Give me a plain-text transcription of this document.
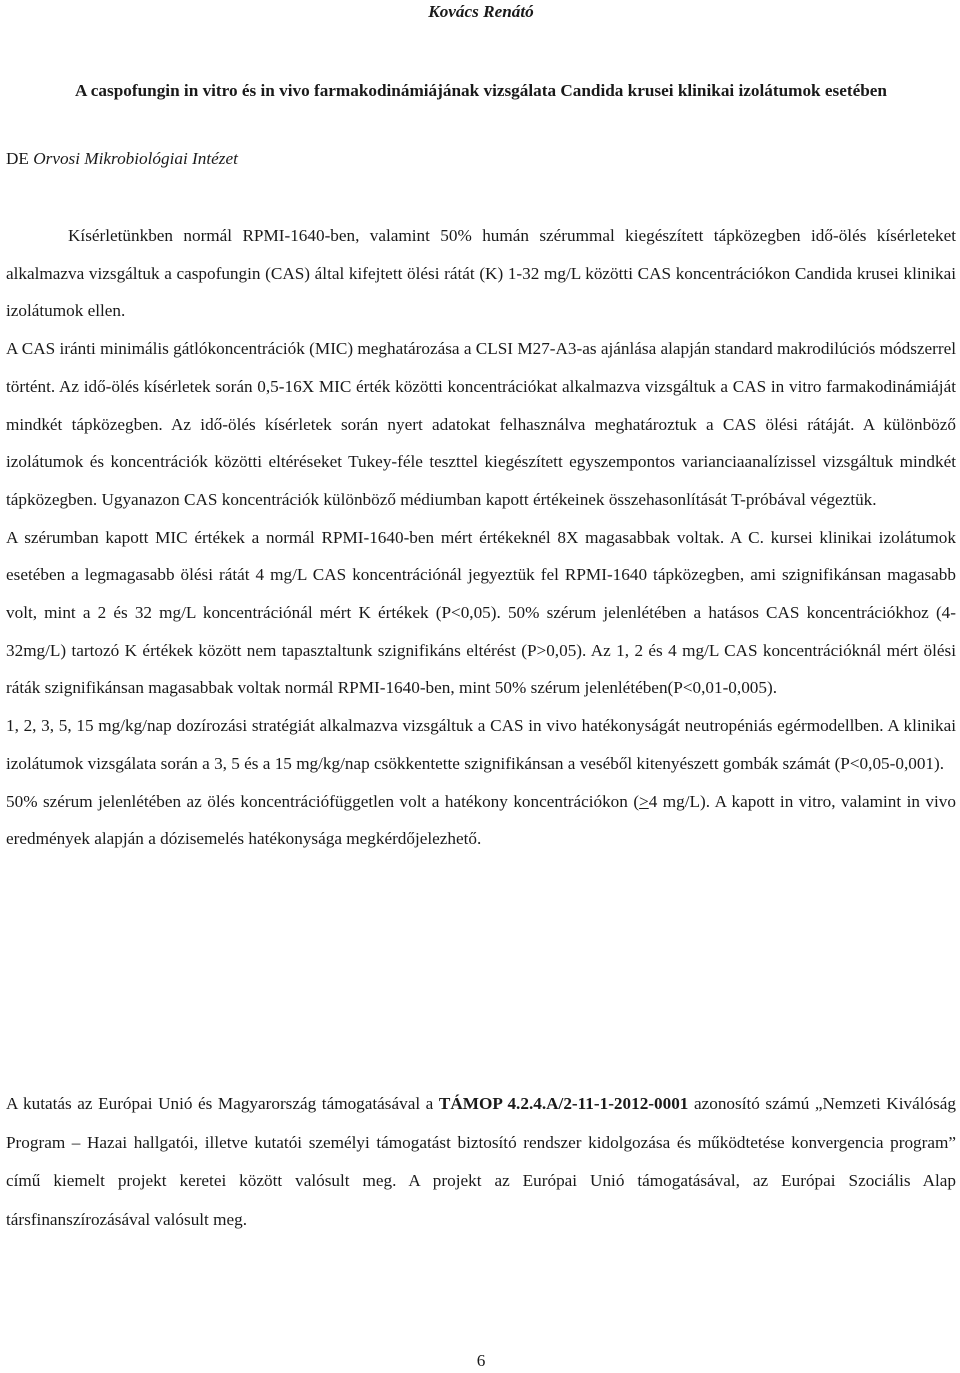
Kovács Renátó
A caspofungin in vitro és in vivo farmakodinámiájának vizsgálata Candida krusei klinikai izolátumok esetében
DE Orvosi Mikrobiológiai Intézet

Kísérletünkben normál RPMI-1640-ben, valamint 50% humán szérummal kiegészített tápközegben idő-ölés kísérleteket alkalmazva vizsgáltuk a caspofungin (CAS) által kifejtett ölési rátát (K) 1-32 mg/L közötti CAS koncentrációkon Candida krusei klinikai izolátumok ellen.

A CAS iránti minimális gátlókoncentrációk (MIC) meghatározása a CLSI M27-A3-as ajánlása alapján standard makrodilúciós módszerrel történt. Az idő-ölés kísérletek során 0,5-16X MIC érték közötti koncentrációkat alkalmazva vizsgáltuk a CAS in vitro farmakodinámiáját mindkét tápközegben. Az idő-ölés kísérletek során nyert adatokat felhasználva meghatároztuk a CAS ölési rátáját. A különböző izolátumok és koncentrációk közötti eltéréseket Tukey-féle teszttel kiegészített egyszempontos varianciaanalízissel vizsgáltuk mindkét tápközegben. Ugyanazon CAS koncentrációk különböző médiumban kapott értékeinek összehasonlítását T-próbával végeztük.

A szérumban kapott MIC értékek a normál RPMI-1640-ben mért értékeknél 8X magasabbak voltak. A C. kursei klinikai izolátumok esetében a legmagasabb ölési rátát 4 mg/L CAS koncentrációnál jegyeztük fel RPMI-1640 tápközegben, ami szignifikánsan magasabb volt, mint a 2 és 32 mg/L koncentrációnál mért K értékek (P<0,05). 50% szérum jelenlétében a hatásos CAS koncentrációkhoz (4-32mg/L) tartozó K értékek között nem tapasztaltunk szignifikáns eltérést (P>0,05). Az 1, 2 és 4 mg/L CAS koncentrációknál mért ölési ráták szignifikánsan magasabbak voltak normál RPMI-1640-ben, mint 50% szérum jelenlétében(P<0,01-0,005).

1, 2, 3, 5, 15 mg/kg/nap dozírozási stratégiát alkalmazva vizsgáltuk a CAS in vivo hatékonyságát neutropéniás egérmodellben. A klinikai izolátumok vizsgálata során a 3, 5 és a 15 mg/kg/nap csökkentette szignifikánsan a veséből kitenyészett gombák számát (P<0,05-0,001).

50% szérum jelenlétében az ölés koncentrációfüggetlen volt a hatékony koncentrációkon (≥4 mg/L). A kapott in vitro, valamint in vivo eredmények alapján a dózisemelés hatékonysága megkérdőjelezhető.

A kutatás az Európai Unió és Magyarország támogatásával a TÁMOP 4.2.4.A/2-11-1-2012-0001 azonosító számú „Nemzeti Kiválóság Program – Hazai hallgatói, illetve kutatói személyi támogatást biztosító rendszer kidolgozása és működtetése konvergencia program” című kiemelt projekt keretei között valósult meg. A projekt az Európai Unió támogatásával, az Európai Szociális Alap társfinanszírozásával valósult meg.

6
